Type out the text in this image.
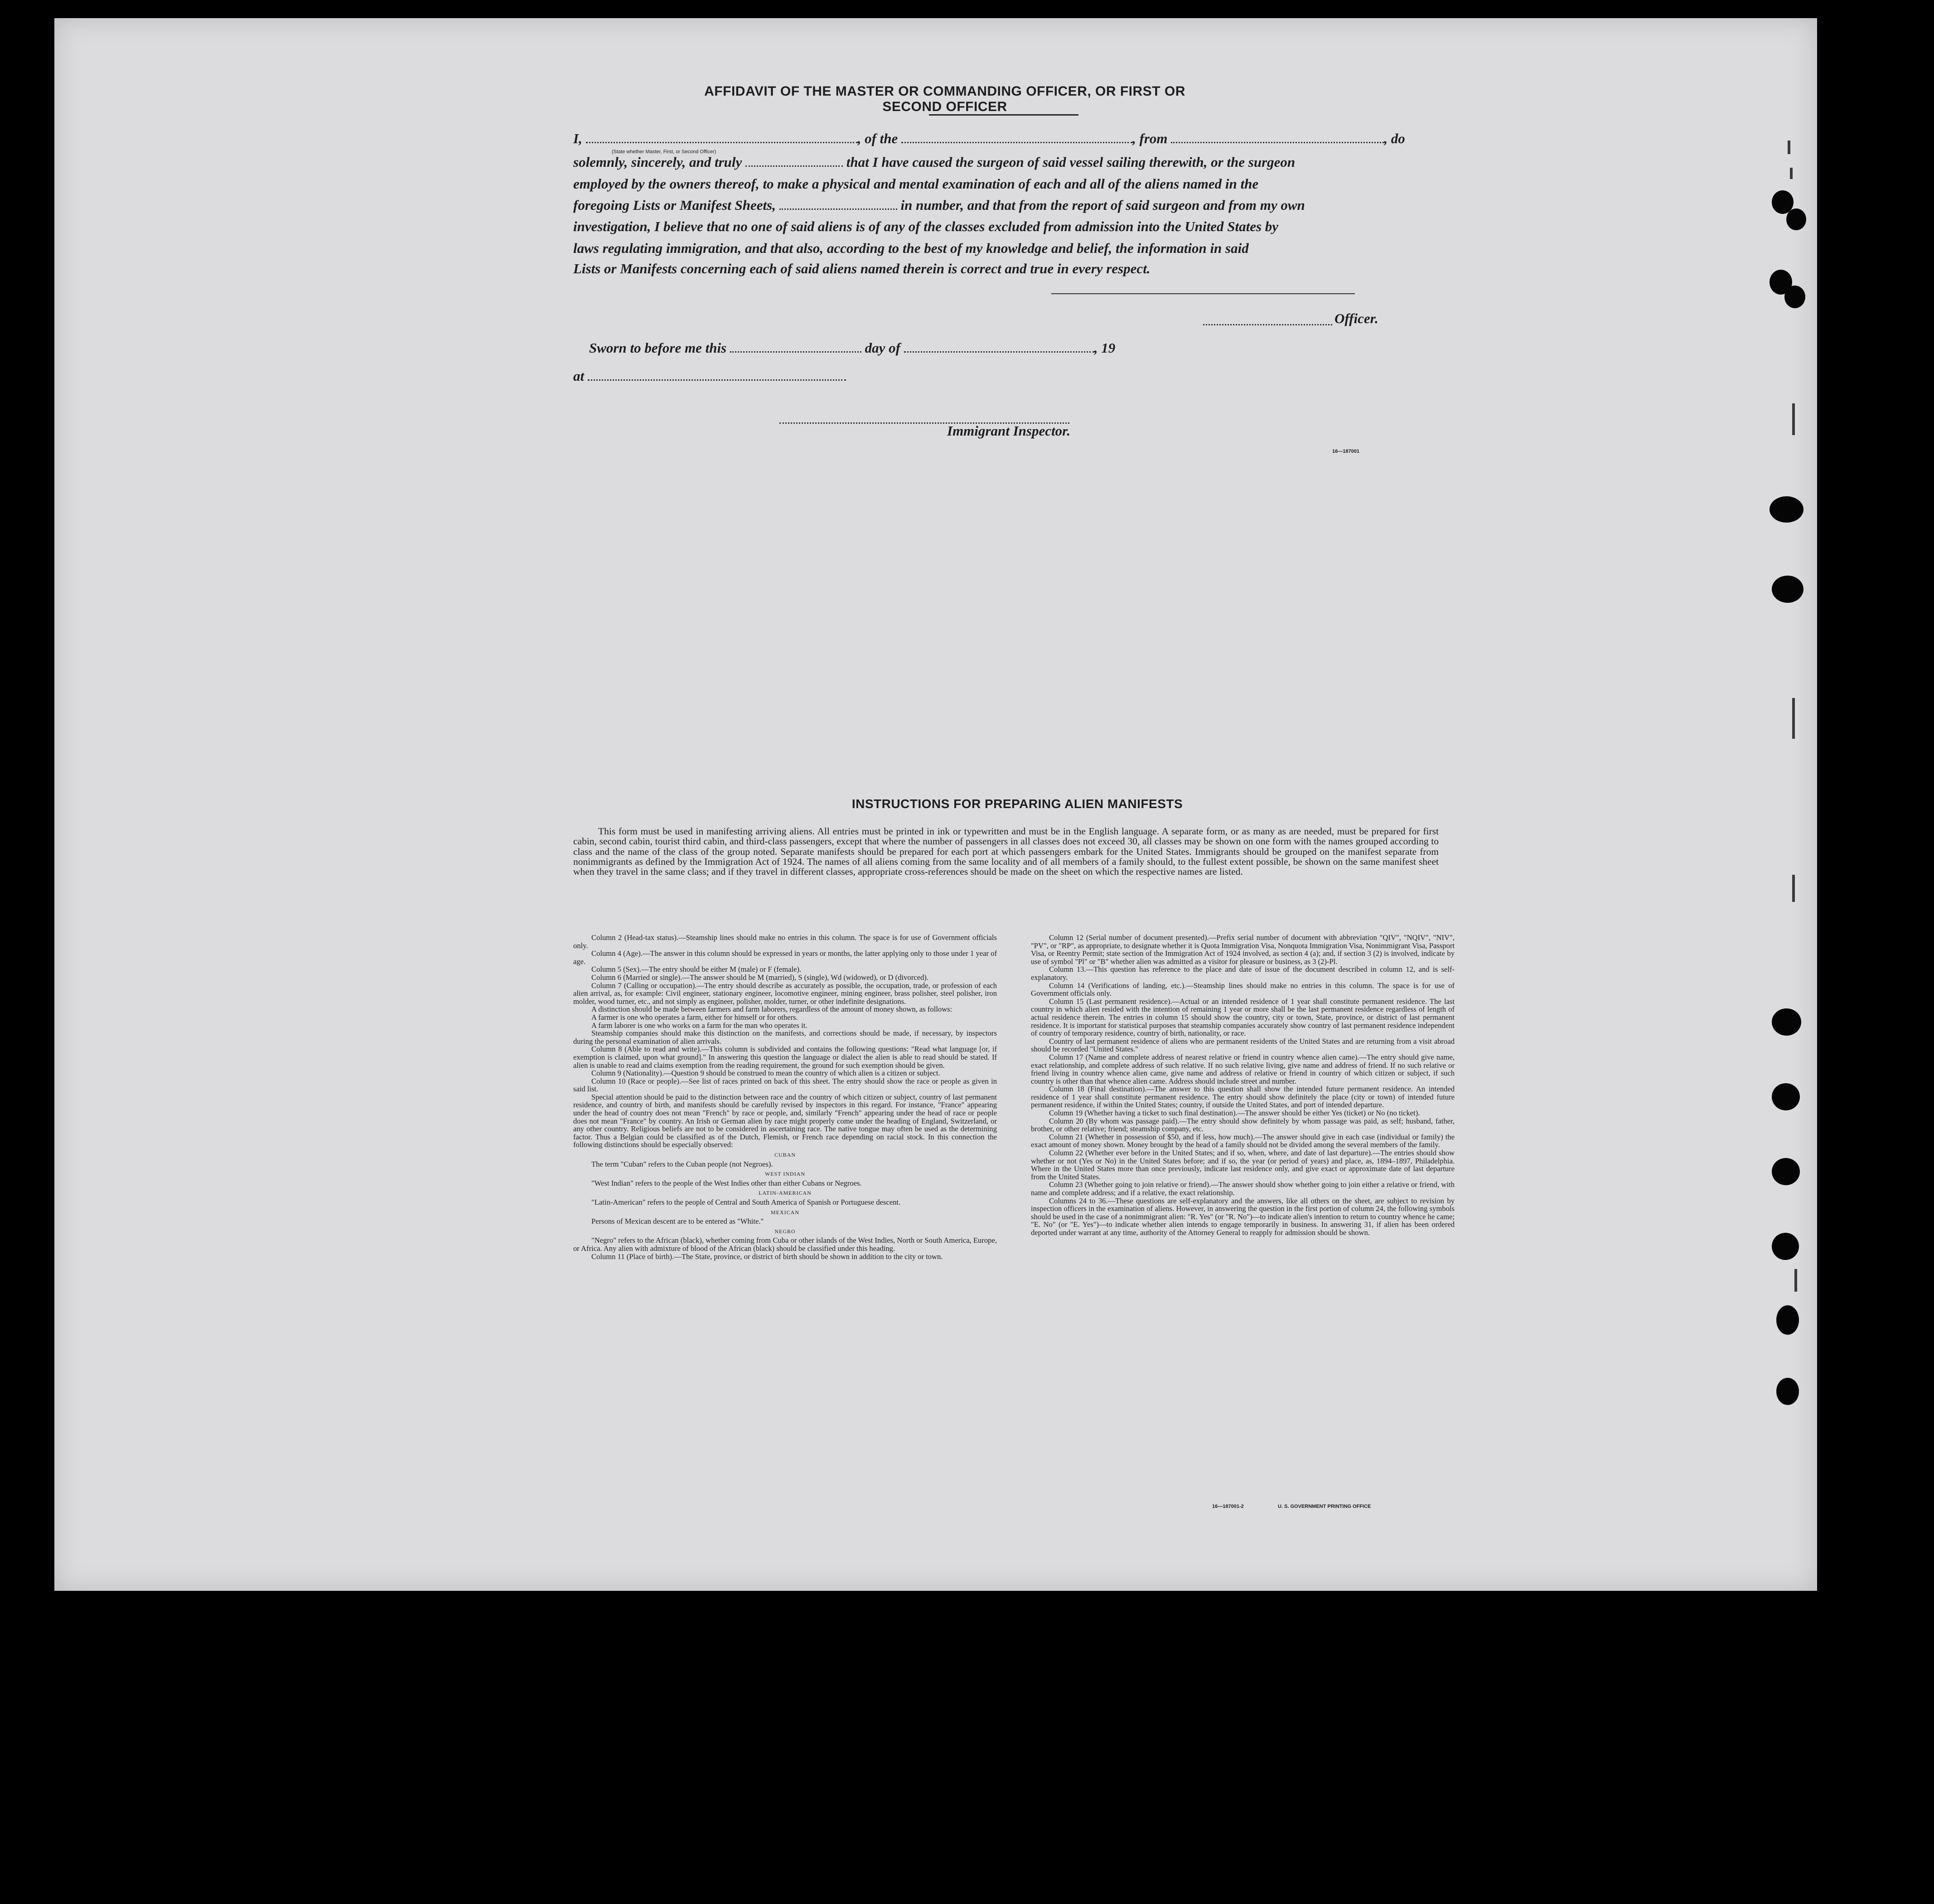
AFFIDAVIT OF THE MASTER OR COMMANDING OFFICER, OR FIRST OR SECOND OFFICER
I,	, of the	, from	, do
(State whether Master, First, or Second Officer)
solemnly, sincerely, and truly	that I have caused the surgeon of said vessel sailing therewith, or the surgeon
employed by the owners thereof, to make a physical and mental examination of each and all of the aliens named in the
foregoing Lists or Manifest Sheets,	in number, and that from the report of said surgeon and from my own
investigation, I believe that no one of said aliens is of any of the classes excluded from admission into the United States by
laws regulating immigration, and that also, according to the best of my knowledge and belief, the information in said
Lists or Manifests concerning each of said aliens named therein is correct and true in every respect.
Officer.
Sworn to before me this	day of	, 19
at
Immigrant Inspector.
16—187001
INSTRUCTIONS FOR PREPARING ALIEN MANIFESTS
This form must be used in manifesting arriving aliens. All entries must be printed in ink or typewritten and must be in the English language. A separate form, or as many as are needed, must be prepared for first cabin, second cabin, tourist third cabin, and third-class passengers, except that where the number of passengers in all classes does not exceed 30, all classes may be shown on one form with the names grouped according to class and the name of the class of the group noted. Separate manifests should be prepared for each port at which passengers embark for the United States. Immigrants should be grouped on the manifest separate from nonimmigrants as defined by the Immigration Act of 1924. The names of all aliens coming from the same locality and of all members of a family should, to the fullest extent possible, be shown on the same manifest sheet when they travel in the same class; and if they travel in different classes, appropriate cross-references should be made on the sheet on which the respective names are listed.

Column 2 (Head-tax status).—Steamship lines should make no entries in this column. The space is for use of Government officials only.

Column 4 (Age).—The answer in this column should be expressed in years or months, the latter applying only to those under 1 year of age.

Column 5 (Sex).—The entry should be either M (male) or F (female).

Column 6 (Married or single).—The answer should be M (married), S (single), Wd (widowed), or D (divorced).

Column 7 (Calling or occupation).—The entry should describe as accurately as possible, the occupation, trade, or profession of each alien arrival, as, for example: Civil engineer, stationary engineer, locomotive engineer, mining engineer, brass polisher, steel polisher, iron molder, wood turner, etc., and not simply as engineer, polisher, molder, turner, or other indefinite designations.

A distinction should be made between farmers and farm laborers, regardless of the amount of money shown, as follows:

A farmer is one who operates a farm, either for himself or for others.

A farm laborer is one who works on a farm for the man who operates it.

Steamship companies should make this distinction on the manifests, and corrections should be made, if necessary, by inspectors during the personal examination of alien arrivals.

Column 8 (Able to read and write).—This column is subdivided and contains the following questions: "Read what language [or, if exemption is claimed, upon what ground]." In answering this question the language or dialect the alien is able to read should be stated. If alien is unable to read and claims exemption from the reading requirement, the ground for such exemption should be given.

Column 9 (Nationality).—Question 9 should be construed to mean the country of which alien is a citizen or subject.

Column 10 (Race or people).—See list of races printed on back of this sheet. The entry should show the race or people as given in said list.

Special attention should be paid to the distinction between race and the country of which citizen or subject, country of last permanent residence, and country of birth, and manifests should be carefully revised by inspectors in this regard. For instance, "France" appearing under the head of country does not mean "French" by race or people, and, similarly "French" appearing under the head of race or people does not mean "France" by country. An Irish or German alien by race might properly come under the heading of England, Switzerland, or any other country. Religious beliefs are not to be considered in ascertaining race. The native tongue may often be used as the determining factor. Thus a Belgian could be classified as of the Dutch, Flemish, or French race depending on racial stock. In this connection the following distinctions should be especially observed:

CUBAN

The term "Cuban" refers to the Cuban people (not Negroes).

WEST INDIAN

"West Indian" refers to the people of the West Indies other than either Cubans or Negroes.

LATIN-AMERICAN

"Latin-American" refers to the people of Central and South America of Spanish or Portuguese descent.

MEXICAN

Persons of Mexican descent are to be entered as "White."

NEGRO

"Negro" refers to the African (black), whether coming from Cuba or other islands of the West Indies, North or South America, Europe, or Africa. Any alien with admixture of blood of the African (black) should be classified under this heading.

Column 11 (Place of birth).—The State, province, or district of birth should be shown in addition to the city or town.

Column 12 (Serial number of document presented).—Prefix serial number of document with abbreviation "QIV", "NQIV", "NIV", "PV", or "RP", as appropriate, to designate whether it is Quota Immigration Visa, Nonquota Immigration Visa, Nonimmigrant Visa, Passport Visa, or Reentry Permit; state section of the Immigration Act of 1924 involved, as section 4 (a); and, if section 3 (2) is involved, indicate by use of symbol "Pl" or "B" whether alien was admitted as a visitor for pleasure or business, as 3 (2)-Pl.

Column 13.—This question has reference to the place and date of issue of the document described in column 12, and is self-explanatory.

Column 14 (Verifications of landing, etc.).—Steamship lines should make no entries in this column. The space is for use of Government officials only.

Column 15 (Last permanent residence).—Actual or an intended residence of 1 year shall constitute permanent residence. The last country in which alien resided with the intention of remaining 1 year or more shall be the last permanent residence regardless of length of actual residence therein. The entries in column 15 should show the country, city or town, State, province, or district of last permanent residence. It is important for statistical purposes that steamship companies accurately show country of last permanent residence independent of country of temporary residence, country of birth, nationality, or race.

Country of last permanent residence of aliens who are permanent residents of the United States and are returning from a visit abroad should be recorded "United States."

Column 17 (Name and complete address of nearest relative or friend in country whence alien came).—The entry should give name, exact relationship, and complete address of such relative. If no such relative living, give name and address of friend. If no such relative or friend living in country whence alien came, give name and address of relative or friend in country of which citizen or subject, if such country is other than that whence alien came. Address should include street and number.

Column 18 (Final destination).—The answer to this question shall show the intended future permanent residence. An intended residence of 1 year shall constitute permanent residence. The entry should show definitely the place (city or town) of intended future permanent residence, if within the United States; country, if outside the United States, and port of intended departure.

Column 19 (Whether having a ticket to such final destination).—The answer should be either Yes (ticket) or No (no ticket).

Column 20 (By whom was passage paid).—The entry should show definitely by whom passage was paid, as self; husband, father, brother, or other relative; friend; steamship company, etc.

Column 21 (Whether in possession of $50, and if less, how much).—The answer should give in each case (individual or family) the exact amount of money shown. Money brought by the head of a family should not be divided among the several members of the family.

Column 22 (Whether ever before in the United States; and if so, when, where, and date of last departure).—The entries should show whether or not (Yes or No) in the United States before; and if so, the year (or period of years) and place, as, 1894–1897, Philadelphia. Where in the United States more than once previously, indicate last residence only, and give exact or approximate date of last departure from the United States.

Column 23 (Whether going to join relative or friend).—The answer should show whether going to join either a relative or friend, with name and complete address; and if a relative, the exact relationship.

Columns 24 to 36.—These questions are self-explanatory and the answers, like all others on the sheet, are subject to revision by inspection officers in the examination of aliens. However, in answering the question in the first portion of column 24, the following symbols should be used in the case of a nonimmigrant alien: "R. Yes" (or "R. No")—to indicate alien's intention to return to country whence he came; "E. No" (or "E. Yes")—to indicate whether alien intends to engage temporarily in business. In answering 31, if alien has been ordered deported under warrant at any time, authority of the Attorney General to reapply for admission should be shown.

16—187001-2	U. S. GOVERNMENT PRINTING OFFICE
